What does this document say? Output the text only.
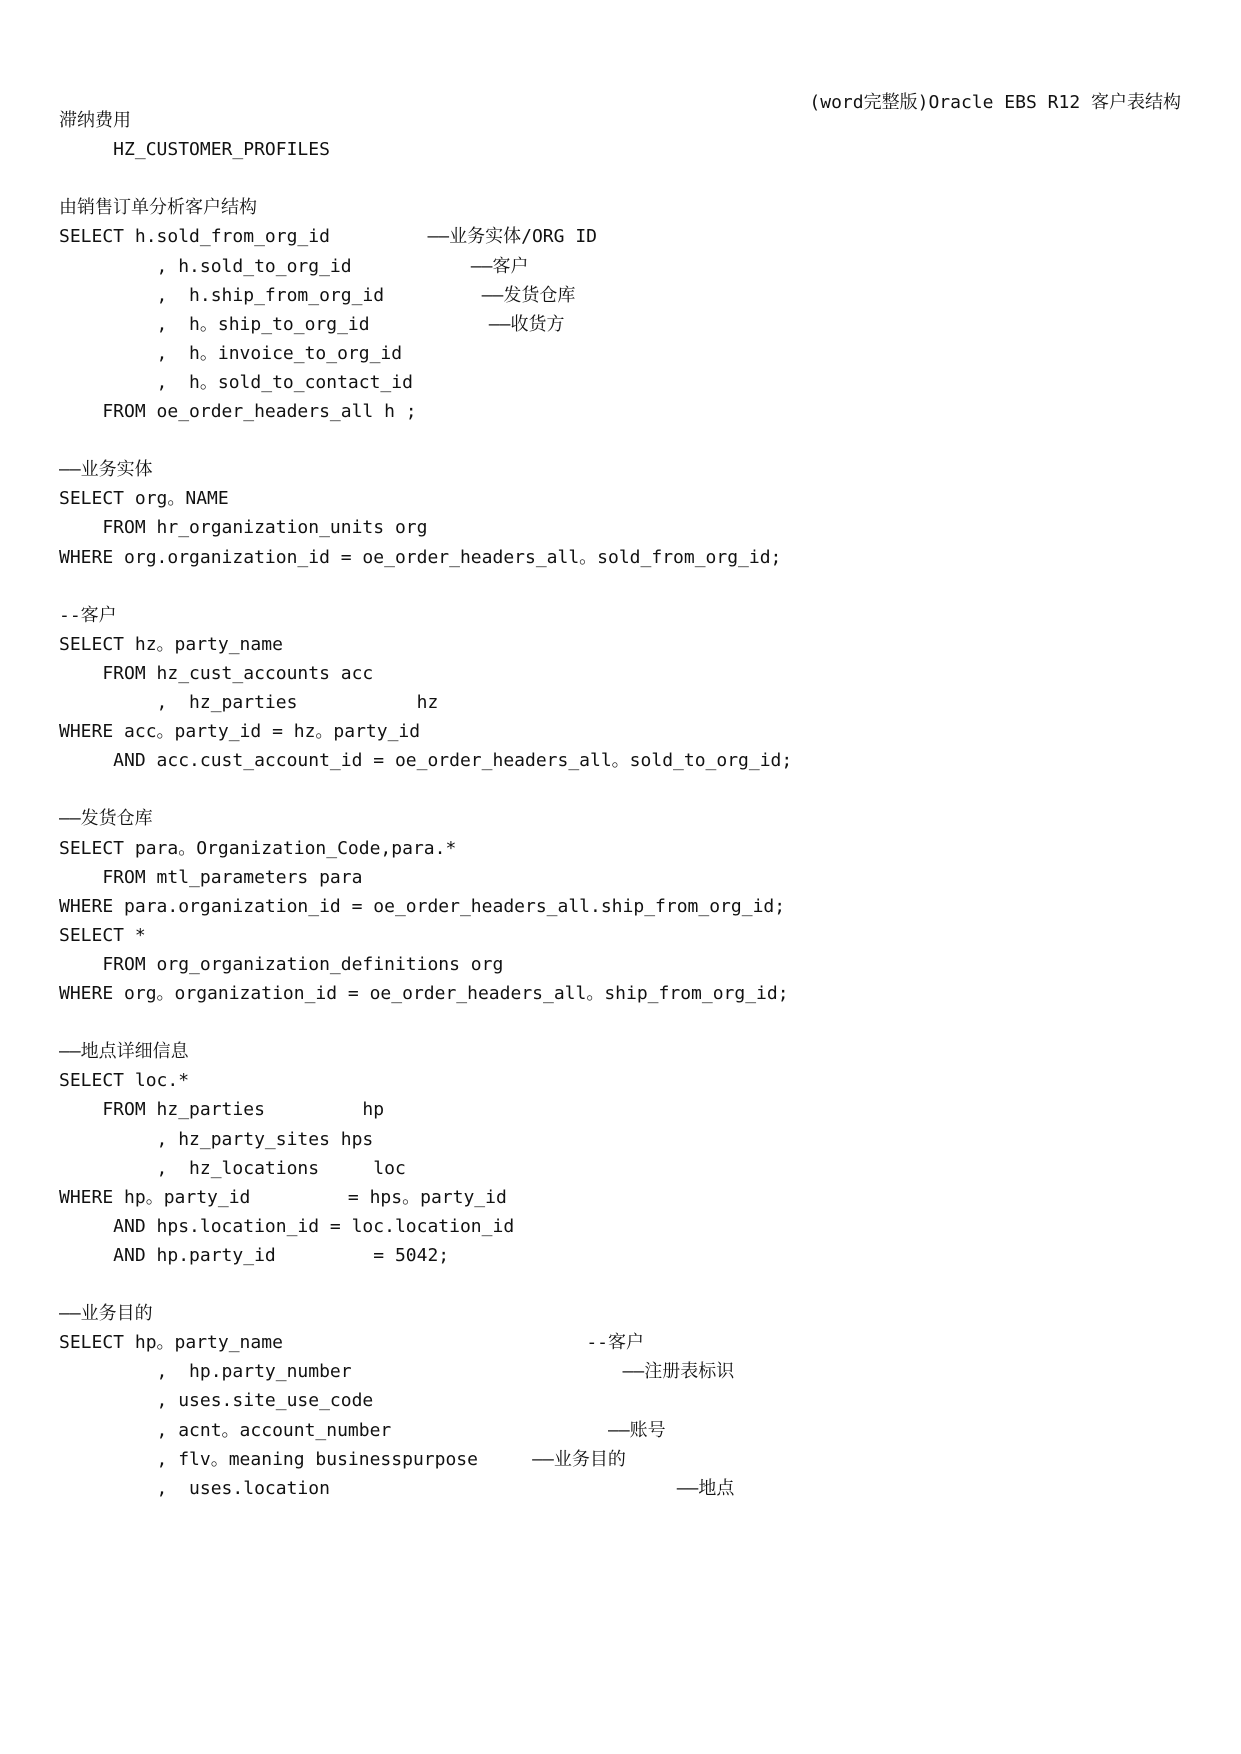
(word完整版)Oracle EBS R12 客户表结构
滞纳费用
HZ_CUSTOMER_PROFILES
由销售订单分析客户结构
SELECT h.sold_from_org_id         ——业务实体/ORG ID
, h.sold_to_org_id           ——客户
,  h.ship_from_org_id         ——发货仓库
,  h。ship_to_org_id           ——收货方
,  h。invoice_to_org_id
,  h。sold_to_contact_id
FROM oe_order_headers_all h ;
——业务实体
SELECT org。NAME
FROM hr_organization_units org
WHERE org.organization_id = oe_order_headers_all。sold_from_org_id;
--客户
SELECT hz。party_name
FROM hz_cust_accounts acc
,  hz_parties           hz
WHERE acc。party_id = hz。party_id
AND acc.cust_account_id = oe_order_headers_all。sold_to_org_id;
——发货仓库
SELECT para。Organization_Code,para.*
FROM mtl_parameters para
WHERE para.organization_id = oe_order_headers_all.ship_from_org_id;
SELECT *
FROM org_organization_definitions org
WHERE org。organization_id = oe_order_headers_all。ship_from_org_id;
——地点详细信息
SELECT loc.*
FROM hz_parties         hp
, hz_party_sites hps
,  hz_locations     loc
WHERE hp。party_id         = hps。party_id
AND hps.location_id = loc.location_id
AND hp.party_id         = 5042;
——业务目的
SELECT hp。party_name                            --客户
,  hp.party_number                         ——注册表标识
, uses.site_use_code
, acnt。account_number                    ——账号
, flv。meaning businesspurpose     ——业务目的
,  uses.location                                ——地点
